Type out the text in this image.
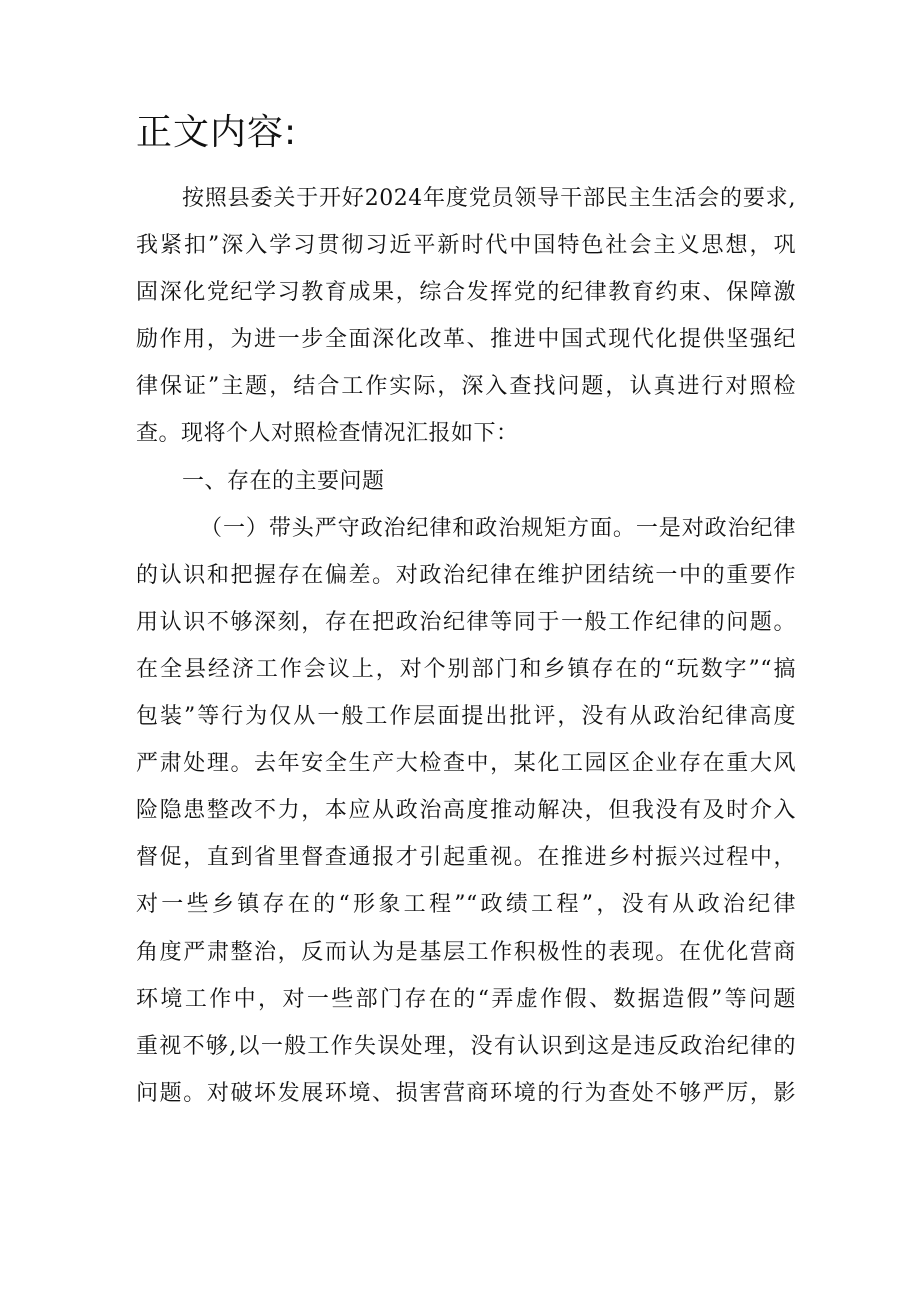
正文内容:
按照县委关于开好2024年度党员领导干部民主生活会的要求,
我紧扣”深入学习贯彻习近平新时代中国特色社会主义思想，巩
固深化党纪学习教育成果，综合发挥党的纪律教育约束、保障激
励作用，为进一步全面深化改革、推进中国式现代化提供坚强纪
律保证”主题，结合工作实际，深入查找问题，认真进行对照检
查。现将个人对照检查情况汇报如下：
一、存在的主要问题
（一）带头严守政治纪律和政治规矩方面。一是对政治纪律
的认识和把握存在偏差。对政治纪律在维护团结统一中的重要作
用认识不够深刻，存在把政治纪律等同于一般工作纪律的问题。
在全县经济工作会议上，对个别部门和乡镇存在的“玩数字”“搞
包装”等行为仅从一般工作层面提出批评，没有从政治纪律高度
严肃处理。去年安全生产大检查中，某化工园区企业存在重大风
险隐患整改不力，本应从政治高度推动解决，但我没有及时介入
督促，直到省里督查通报才引起重视。在推进乡村振兴过程中，
对一些乡镇存在的“形象工程”“政绩工程”，没有从政治纪律
角度严肃整治，反而认为是基层工作积极性的表现。在优化营商
环境工作中，对一些部门存在的“弄虚作假、数据造假”等问题
重视不够,以一般工作失误处理，没有认识到这是违反政治纪律的
问题。对破坏发展环境、损害营商环境的行为查处不够严厉，影
